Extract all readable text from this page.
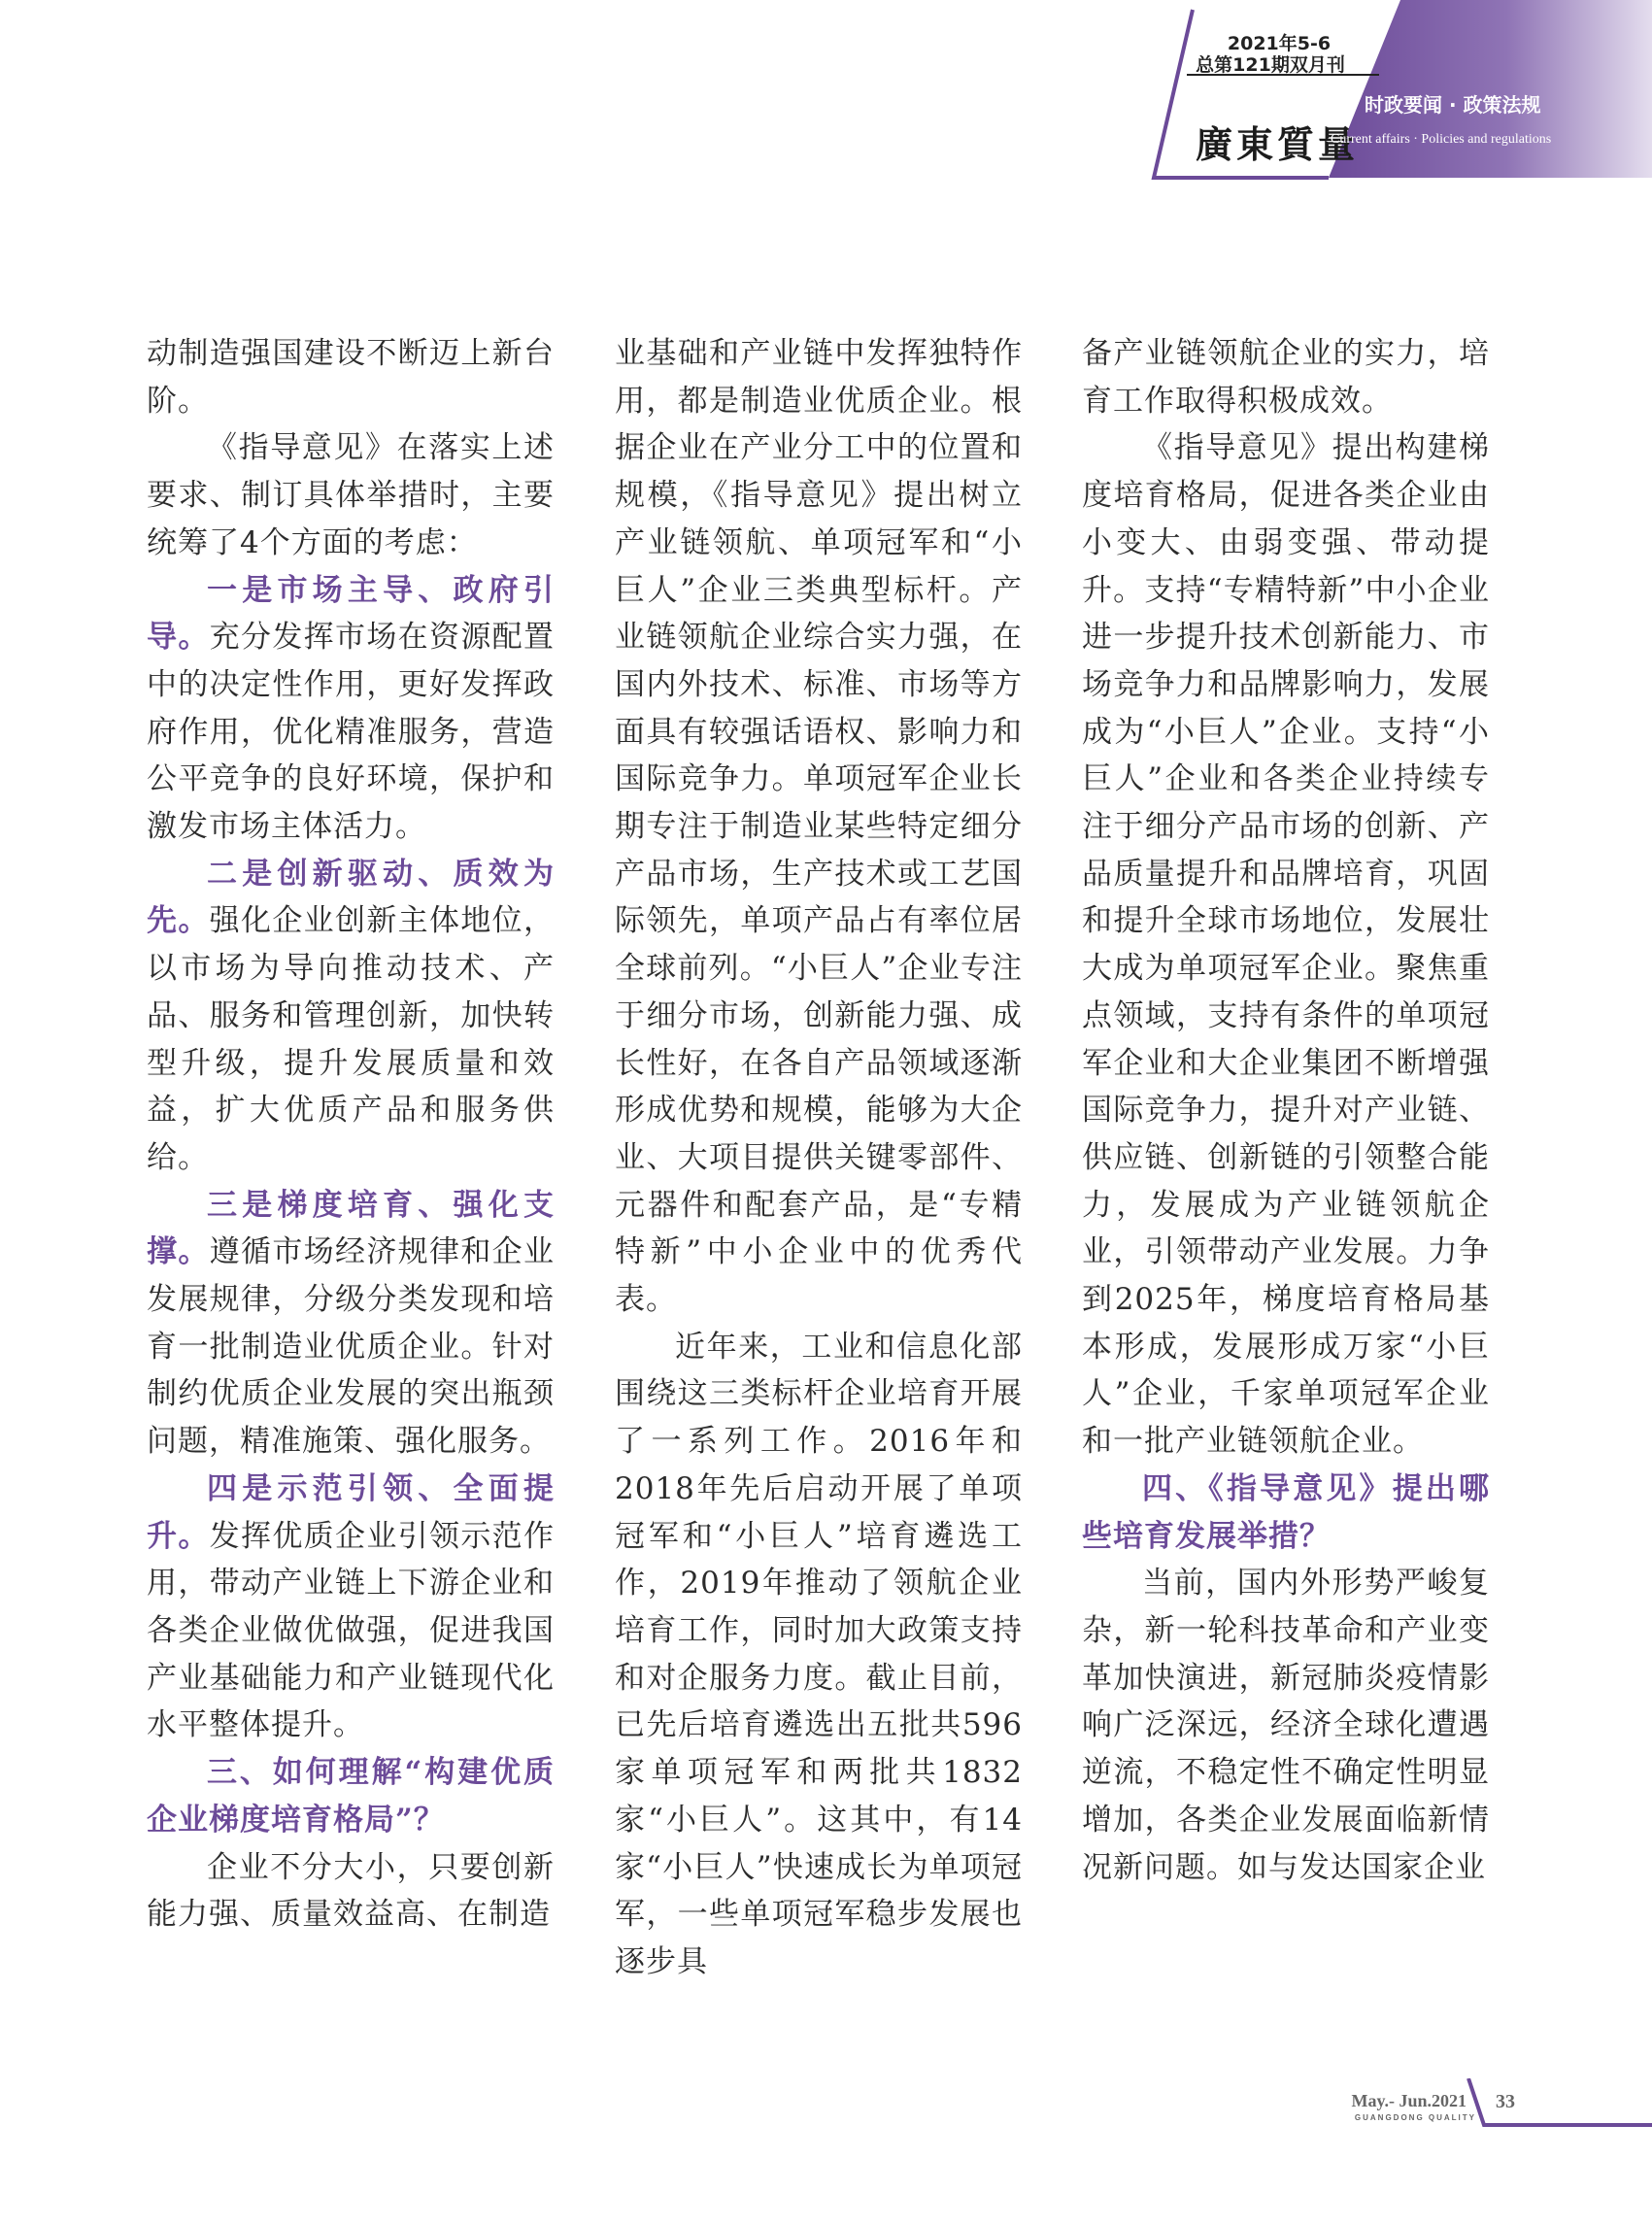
2021年5-6
总第121期双月刊
廣東質量
时政要闻 · 政策法规
Current affairs · Policies and regulations

动制造强国建设不断迈上新台阶。

《指导意见》在落实上述要求、制订具体举措时，主要统筹了4个方面的考虑：

一是市场主导、政府引导。充分发挥市场在资源配置中的决定性作用，更好发挥政府作用，优化精准服务，营造公平竞争的良好环境，保护和激发市场主体活力。

二是创新驱动、质效为先。强化企业创新主体地位，以市场为导向推动技术、产品、服务和管理创新，加快转型升级，提升发展质量和效益，扩大优质产品和服务供给。

三是梯度培育、强化支撑。遵循市场经济规律和企业发展规律，分级分类发现和培育一批制造业优质企业。针对制约优质企业发展的突出瓶颈问题，精准施策、强化服务。

四是示范引领、全面提升。发挥优质企业引领示范作用，带动产业链上下游企业和各类企业做优做强，促进我国产业基础能力和产业链现代化水平整体提升。

三、如何理解“构建优质企业梯度培育格局”？

企业不分大小，只要创新能力强、质量效益高、在制造

业基础和产业链中发挥独特作用，都是制造业优质企业。根据企业在产业分工中的位置和规模，《指导意见》提出树立产业链领航、单项冠军和“小巨人”企业三类典型标杆。产业链领航企业综合实力强，在国内外技术、标准、市场等方面具有较强话语权、影响力和国际竞争力。单项冠军企业长期专注于制造业某些特定细分产品市场，生产技术或工艺国际领先，单项产品占有率位居全球前列。“小巨人”企业专注于细分市场，创新能力强、成长性好，在各自产品领域逐渐形成优势和规模，能够为大企业、大项目提供关键零部件、元器件和配套产品，是“专精特新”中小企业中的优秀代表。

近年来，工业和信息化部围绕这三类标杆企业培育开展了一系列工作。2016年和2018年先后启动开展了单项冠军和“小巨人”培育遴选工作，2019年推动了领航企业培育工作，同时加大政策支持和对企服务力度。截止目前，已先后培育遴选出五批共596家单项冠军和两批共1832家“小巨人”。这其中，有14家“小巨人”快速成长为单项冠军，一些单项冠军稳步发展也逐步具

备产业链领航企业的实力，培育工作取得积极成效。

《指导意见》提出构建梯度培育格局，促进各类企业由小变大、由弱变强、带动提升。支持“专精特新”中小企业进一步提升技术创新能力、市场竞争力和品牌影响力，发展成为“小巨人”企业。支持“小巨人”企业和各类企业持续专注于细分产品市场的创新、产品质量提升和品牌培育，巩固和提升全球市场地位，发展壮大成为单项冠军企业。聚焦重点领域，支持有条件的单项冠军企业和大企业集团不断增强国际竞争力，提升对产业链、供应链、创新链的引领整合能力，发展成为产业链领航企业，引领带动产业发展。力争到2025年，梯度培育格局基本形成，发展形成万家“小巨人”企业，千家单项冠军企业和一批产业链领航企业。

四、《指导意见》提出哪些培育发展举措？

当前，国内外形势严峻复杂，新一轮科技革命和产业变革加快演进，新冠肺炎疫情影响广泛深远，经济全球化遭遇逆流，不稳定性不确定性明显增加，各类企业发展面临新情况新问题。如与发达国家企业

May.- Jun.2021
GUANGDONG QUALITY
33
